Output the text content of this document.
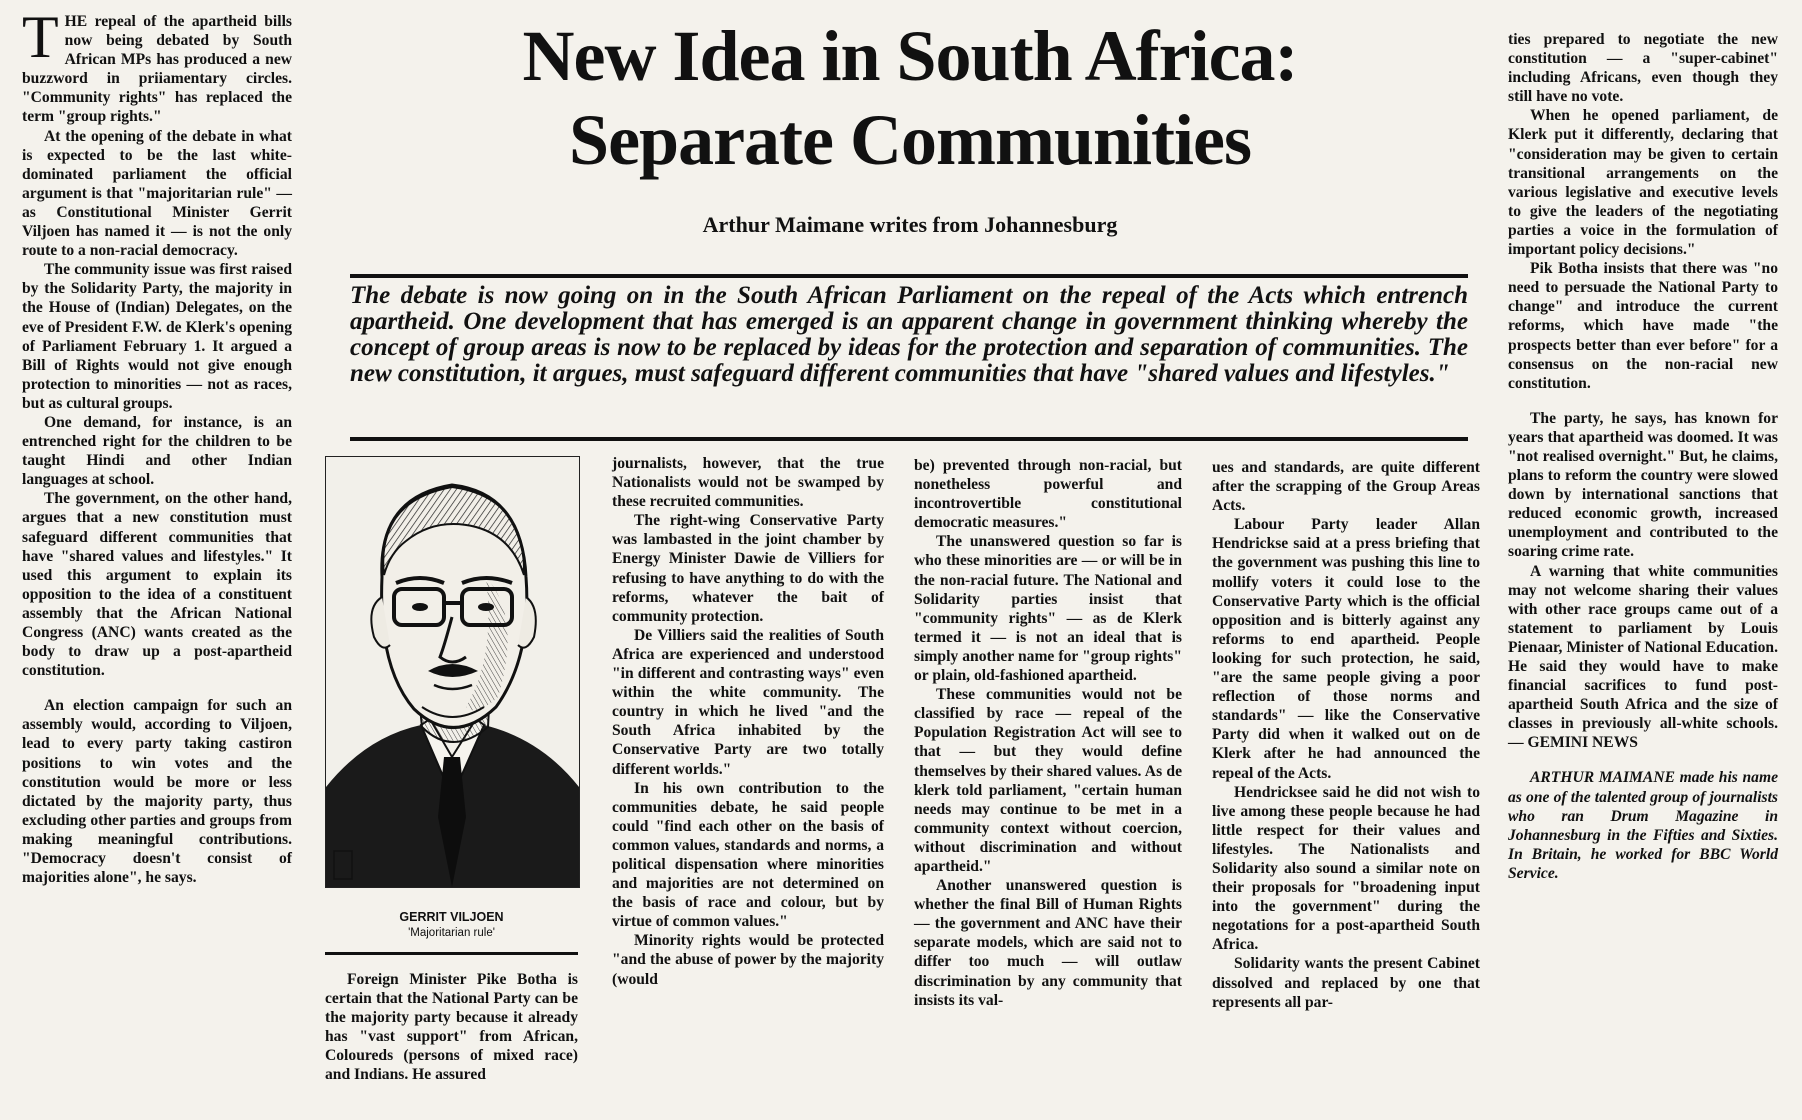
T HE repeal of the apartheid bills now being debated by South African MPs has produced a new buzzword in priiamentary circles. "Community rights" has replaced the term "group rights."

At the opening of the debate in what is expected to be the last white-dominated parliament the official argument is that "majoritarian rule" — as Constitutional Minister Gerrit Viljoen has named it — is not the only route to a non-racial democracy.

The community issue was first raised by the Solidarity Party, the majority in the House of (Indian) Delegates, on the eve of President F.W. de Klerk's opening of Parliament February 1. It argued a Bill of Rights would not give enough protection to minorities — not as races, but as cultural groups.

One demand, for instance, is an entrenched right for the children to be taught Hindi and other Indian languages at school.

The government, on the other hand, argues that a new constitution must safeguard different communities that have "shared values and lifestyles." It used this argument to explain its opposition to the idea of a constituent assembly that the African National Congress (ANC) wants created as the body to draw up a post-apartheid constitution.

An election campaign for such an assembly would, according to Viljoen, lead to every party taking castiron positions to win votes and the constitution would be more or less dictated by the majority party, thus excluding other parties and groups from making meaningful contributions. "Democracy doesn't consist of majorities alone", he says.

New Idea in South Africa:
Separate Communities
Arthur Maimane writes from Johannesburg
The debate is now going on in the South African Parliament on the repeal of the Acts which entrench apartheid. One development that has emerged is an apparent change in government thinking whereby the concept of group areas is now to be replaced by ideas for the protection and separation of communities. The new constitution, it argues, must safeguard different communities that have "shared values and lifestyles."
GERRIT VILJOEN
'Majoritarian rule'

Foreign Minister Pike Botha is certain that the National Party can be the majority party because it already has "vast support" from African, Coloureds (persons of mixed race) and Indians. He assured

journalists, however, that the true Nationalists would not be swamped by these recruited communities.

The right-wing Conservative Party was lambasted in the joint chamber by Energy Minister Dawie de Villiers for refusing to have anything to do with the reforms, whatever the bait of community protection.

De Villiers said the realities of South Africa are experienced and understood "in different and contrasting ways" even within the white community. The country in which he lived "and the South Africa inhabited by the Conservative Party are two totally different worlds."

In his own contribution to the communities debate, he said people could "find each other on the basis of common values, standards and norms, a political dispensation where minorities and majorities are not determined on the basis of race and colour, but by virtue of common values."

Minority rights would be protected "and the abuse of power by the majority (would

be) prevented through non-racial, but nonetheless powerful and incontrovertible constitutional democratic measures."

The unanswered question so far is who these minorities are — or will be in the non-racial future. The National and Solidarity parties insist that "community rights" — as de Klerk termed it — is not an ideal that is simply another name for "group rights" or plain, old-fashioned apartheid.

These communities would not be classified by race — repeal of the Population Registration Act will see to that — but they would define themselves by their shared values. As de klerk told parliament, "certain human needs may continue to be met in a community context without coercion, without discrimination and without apartheid."

Another unanswered question is whether the final Bill of Human Rights — the government and ANC have their separate models, which are said not to differ too much — will outlaw discrimination by any community that insists its val-

ues and standards, are quite different after the scrapping of the Group Areas Acts.

Labour Party leader Allan Hendrickse said at a press briefing that the government was pushing this line to mollify voters it could lose to the Conservative Party which is the official opposition and is bitterly against any reforms to end apartheid. People looking for such protection, he said, "are the same people giving a poor reflection of those norms and standards" — like the Conservative Party did when it walked out on de Klerk after he had announced the repeal of the Acts.

Hendricksee said he did not wish to live among these people because he had little respect for their values and lifestyles. The Nationalists and Solidarity also sound a similar note on their proposals for "broadening input into the government" during the negotations for a post-apartheid South Africa.

Solidarity wants the present Cabinet dissolved and replaced by one that represents all par-

ties prepared to negotiate the new constitution — a "super-cabinet" including Africans, even though they still have no vote.

When he opened parliament, de Klerk put it differently, declaring that "consideration may be given to certain transitional arrangements on the various legislative and executive levels to give the leaders of the negotiating parties a voice in the formulation of important policy decisions."

Pik Botha insists that there was "no need to persuade the National Party to change" and introduce the current reforms, which have made "the prospects better than ever before" for a consensus on the non-racial new constitution.

The party, he says, has known for years that apartheid was doomed. It was "not realised overnight." But, he claims, plans to reform the country were slowed down by international sanctions that reduced economic growth, increased unemployment and contributed to the soaring crime rate.

A warning that white communities may not welcome sharing their values with other race groups came out of a statement to parliament by Louis Pienaar, Minister of National Education. He said they would have to make financial sacrifices to fund post-apartheid South Africa and the size of classes in previously all-white schools. — GEMINI NEWS

ARTHUR MAIMANE made his name as one of the talented group of journalists who ran Drum Magazine in Johannesburg in the Fifties and Sixties. In Britain, he worked for BBC World Service.
